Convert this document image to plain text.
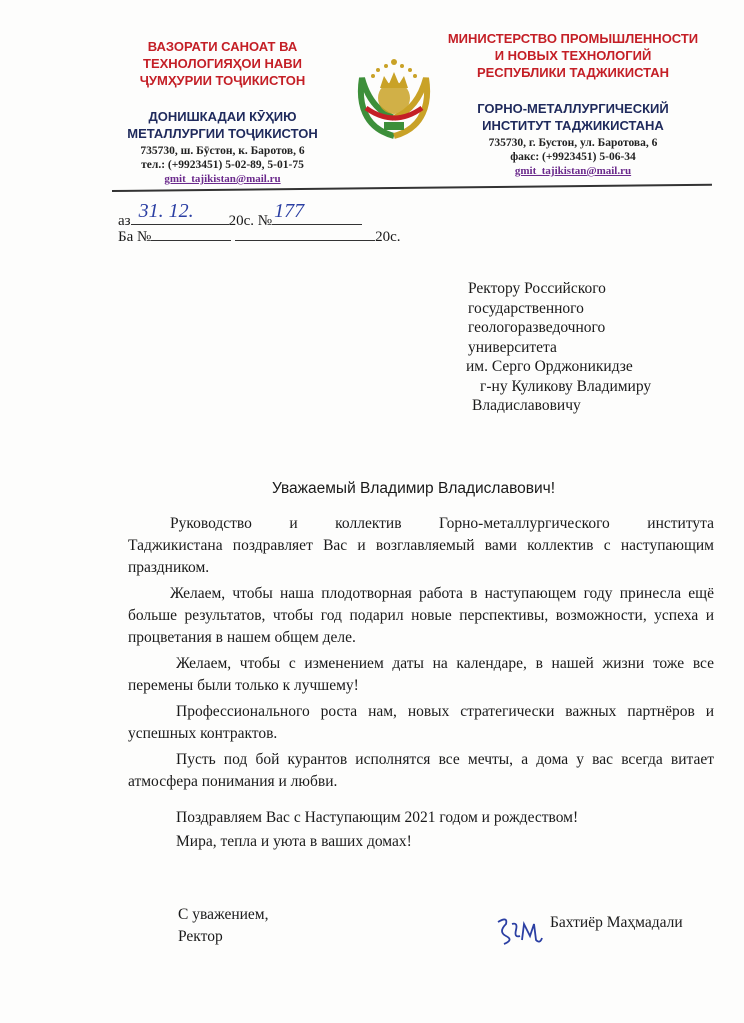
ВАЗОРАТИ САНОАТ ВА
ТЕХНОЛОГИЯҲОИ НАВИ
ҶУМҲУРИИ ТОҶИКИСТОН
ДОНИШКАДАИ КӮҲИЮ
МЕТАЛЛУРГИИ ТОҶИКИСТОН
735730, ш. Бӯстон, к. Баротов, 6
тел.: (+9923451) 5-02-89, 5-01-75
gmit_tajikistan@mail.ru
МИНИСТЕРСТВО ПРОМЫШЛЕННОСТИ
И НОВЫХ ТЕХНОЛОГИЙ
РЕСПУБЛИКИ ТАДЖИКИСТАН
ГОРНО-МЕТАЛЛУРГИЧЕСКИЙ
ИНСТИТУТ ТАДЖИКИСТАНА
735730, г. Бустон, ул. Баротова, 6
факс: (+9923451) 5-06-34
gmit_tajikistan@mail.ru
аз 31. 12. 20с. № 177
Ба №	20с.
Ректору Российского
государственного
геологоразведочного
университета
им. Серго Орджоникидзе
г-ну Куликову Владимиру
Владиславовичу
Уважаемый Владимир Владиславович!

Руководство и коллектив Горно-металлургического института

Таджикистана поздравляет Вас и возглавляемый вами коллектив с наступающим праздником.

Желаем, чтобы наша плодотворная работа в наступающем году принесла ещё больше результатов, чтобы год подарил новые перспективы, возможности, успеха и процветания в нашем общем деле.

Желаем, чтобы с изменением даты на календаре, в нашей жизни тоже все перемены были только к лучшему!

Профессионального роста нам, новых стратегически важных партнёров и успешных контрактов.

Пусть под бой курантов исполнятся все мечты, а дома у вас всегда витает атмосфера понимания и любви.

Поздравляем Вас с Наступающим 2021 годом и рождеством!
Мира, тепла и уюта в ваших домах!
С уважением,
Ректор
Бахтиёр Маҳмадали
